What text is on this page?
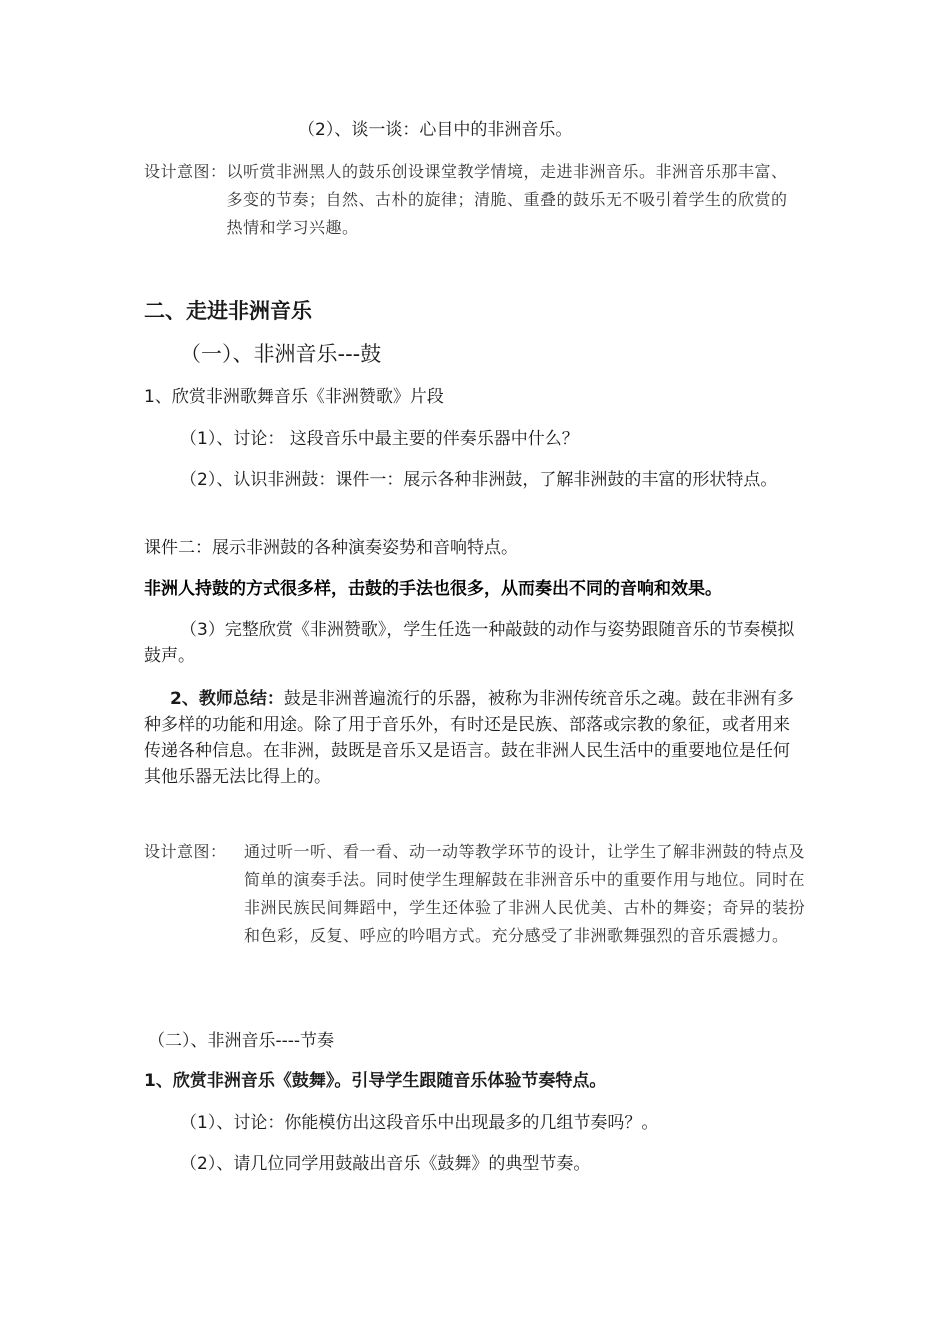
（2）、谈一谈：心目中的非洲音乐。

设计意图： 以听赏非洲黑人的鼓乐创设课堂教学情境，走进非洲音乐。非洲音乐那丰富、多变的节奏；自然、古朴的旋律；清脆、重叠的鼓乐无不吸引着学生的欣赏的热情和学习兴趣。

二、走进非洲音乐

（一）、非洲音乐---鼓

1、欣赏非洲歌舞音乐《非洲赞歌》片段

（1）、讨论： 这段音乐中最主要的伴奏乐器中什么？

（2）、认识非洲鼓：课件一：展示各种非洲鼓，了解非洲鼓的丰富的形状特点。

课件二：展示非洲鼓的各种演奏姿势和音响特点。

非洲人持鼓的方式很多样，击鼓的手法也很多，从而奏出不同的音响和效果。

（3）完整欣赏《非洲赞歌》，学生任选一种敲鼓的动作与姿势跟随音乐的节奏模拟鼓声。

2、教师总结：鼓是非洲普遍流行的乐器，被称为非洲传统音乐之魂。鼓在非洲有多种多样的功能和用途。除了用于音乐外，有时还是民族、部落或宗教的象征，或者用来传递各种信息。在非洲，鼓既是音乐又是语言。鼓在非洲人民生活中的重要地位是任何其他乐器无法比得上的。

设计意图：	通过听一听、看一看、动一动等教学环节的设计，让学生了解非洲鼓的特点及简单的演奏手法。同时使学生理解鼓在非洲音乐中的重要作用与地位。同时在非洲民族民间舞蹈中，学生还体验了非洲人民优美、古朴的舞姿；奇异的装扮和色彩，反复、呼应的吟唱方式。充分感受了非洲歌舞强烈的音乐震撼力。

（二）、非洲音乐----节奏

1、欣赏非洲音乐《鼓舞》。引导学生跟随音乐体验节奏特点。

（1）、讨论：你能模仿出这段音乐中出现最多的几组节奏吗？。

（2）、请几位同学用鼓敲出音乐《鼓舞》的典型节奏。
